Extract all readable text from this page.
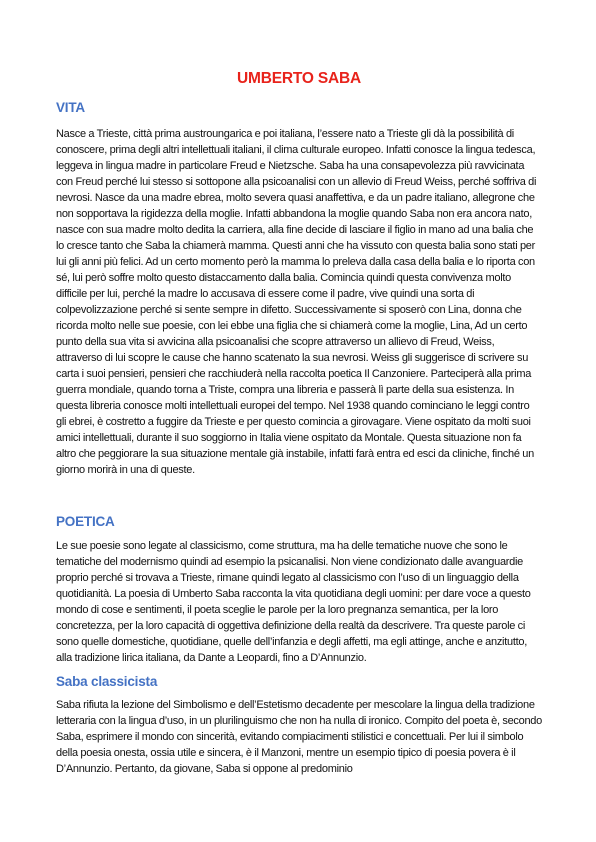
UMBERTO SABA
VITA

Nasce a Trieste, città prima austroungarica e poi italiana, l’essere nato a Trieste gli dà la possibilità di conoscere, prima degli altri intellettuali italiani, il clima culturale europeo. Infatti conosce la lingua tedesca, leggeva in lingua madre in particolare Freud e Nietzsche. Saba ha una consapevolezza più ravvicinata con Freud perché lui stesso si sottopone alla psicoanalisi con un allevio di Freud Weiss, perché soffriva di nevrosi. Nasce da una madre ebrea, molto severa quasi anaffettiva, e da un padre italiano, allegrone che non sopportava la rigidezza della moglie. Infatti abbandona la moglie quando Saba non era ancora nato, nasce con sua madre molto dedita la carriera, alla fine decide di lasciare il figlio in mano ad una balia che lo cresce tanto che Saba la chiamerà mamma. Questi anni che ha vissuto con questa balia sono stati per lui gli anni più felici. Ad un certo momento però la mamma lo preleva dalla casa della balia e lo riporta con sé, lui però soffre molto questo distaccamento dalla balia. Comincia quindi questa convivenza molto difficile per lui, perché la madre lo accusava di essere come il padre, vive quindi una sorta di colpevolizzazione perché si sente sempre in difetto. Successivamente si sposerò con Lina, donna che ricorda molto nelle sue poesie, con lei ebbe una figlia che si chiamerà come la moglie, Lina, Ad un certo punto della sua vita si avvicina alla psicoanalisi che scopre attraverso un allievo di Freud, Weiss, attraverso di lui scopre le cause che hanno scatenato la sua nevrosi. Weiss gli suggerisce di scrivere su carta i suoi pensieri, pensieri che racchiuderà nella raccolta poetica Il Canzoniere. Parteciperà alla prima guerra mondiale, quando torna a Triste, compra una libreria e passerà lì parte della sua esistenza. In questa libreria conosce molti intellettuali europei del tempo. Nel 1938 quando cominciano le leggi contro gli ebrei, è costretto a fuggire da Trieste e per questo comincia a girovagare. Viene ospitato da molti suoi amici intellettuali, durante il suo soggiorno in Italia viene ospitato da Montale. Questa situazione non fa altro che peggiorare la sua situazione mentale già instabile, infatti farà entra ed esci da cliniche, finché un giorno morirà in una di queste.

POETICA

Le sue poesie sono legate al classicismo, come struttura, ma ha delle tematiche nuove che sono le tematiche del modernismo quindi ad esempio la psicanalisi. Non viene condizionato dalle avanguardie proprio perché si trovava a Trieste, rimane quindi legato al classicismo con l’uso di un linguaggio della quotidianità. La poesia di Umberto Saba racconta la vita quotidiana degli uomini: per dare voce a questo mondo di cose e sentimenti, il poeta sceglie le parole per la loro pregnanza semantica, per la loro concretezza, per la loro capacità di oggettiva definizione della realtà da descrivere. Tra queste parole ci sono quelle domestiche, quotidiane, quelle dell’infanzia e degli affetti, ma egli attinge, anche e anzitutto, alla tradizione lirica italiana, da Dante a Leopardi, fino a D’Annunzio.

Saba classicista

Saba rifiuta la lezione del Simbolismo e dell’Estetismo decadente per mescolare la lingua della tradizione letteraria con la lingua d’uso, in un plurilinguismo che non ha nulla di ironico. Compito del poeta è, secondo Saba, esprimere il mondo con sincerità, evitando compiacimenti stilistici e concettuali. Per lui il simbolo della poesia onesta, ossia utile e sincera, è il Manzoni, mentre un esempio tipico di poesia povera è il D’Annunzio. Pertanto, da giovane, Saba si oppone al predominio
